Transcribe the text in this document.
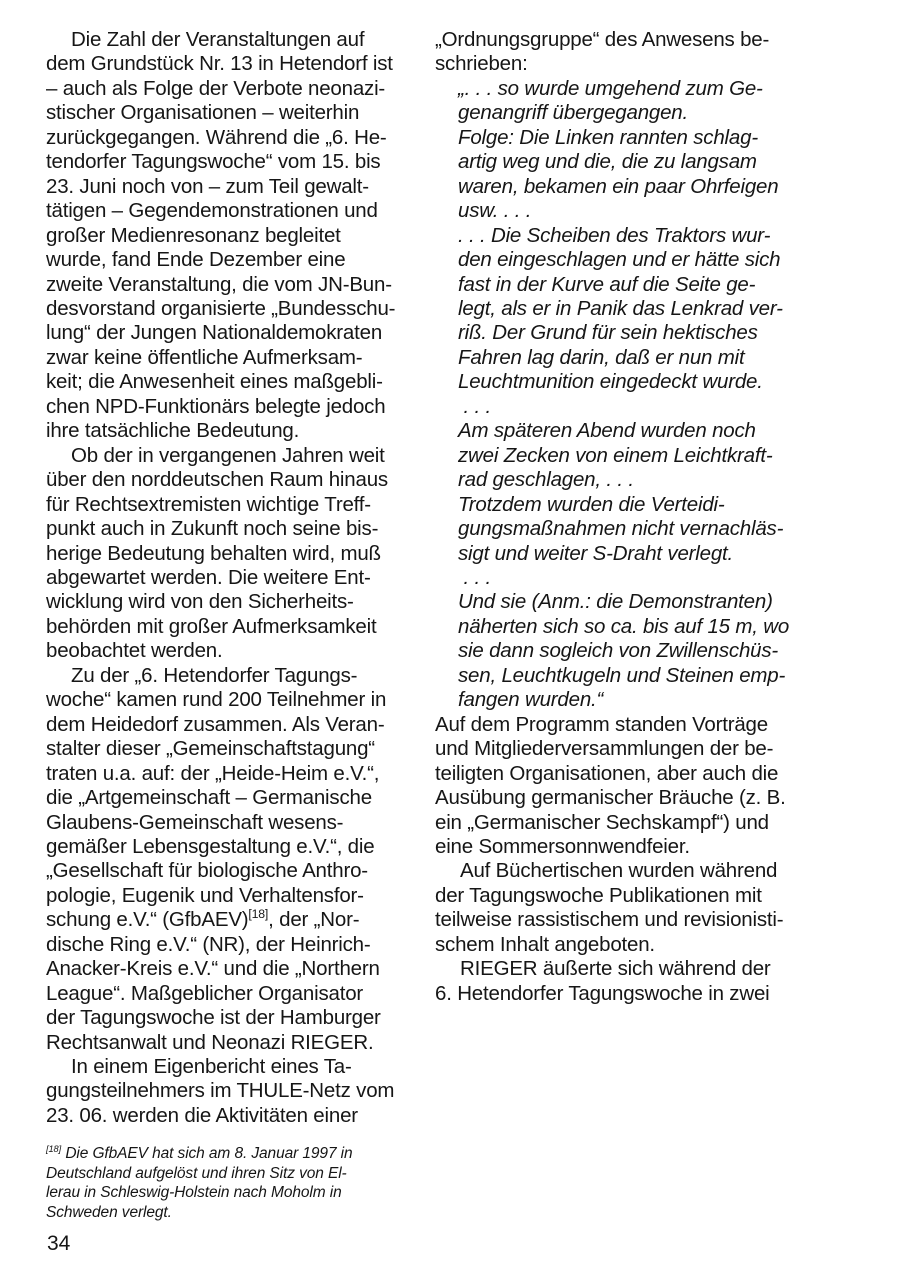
Die Zahl der Veranstaltungen auf
dem Grundstück Nr. 13 in Hetendorf ist
– auch als Folge der Verbote neonazi-
stischer Organisationen – weiterhin
zurückgegangen. Während die „6. He-
tendorfer Tagungswoche“ vom 15. bis
23. Juni noch von – zum Teil gewalt-
tätigen – Gegendemonstrationen und
großer Medienresonanz begleitet
wurde, fand Ende Dezember eine
zweite Veranstaltung, die vom JN-Bun-
desvorstand organisierte „Bundesschu-
lung“ der Jungen Nationaldemokraten
zwar keine öffentliche Aufmerksam-
keit; die Anwesenheit eines maßgebli-
chen NPD-Funktionärs belegte jedoch
ihre tatsächliche Bedeutung.
Ob der in vergangenen Jahren weit
über den norddeutschen Raum hinaus
für Rechtsextremisten wichtige Treff-
punkt auch in Zukunft noch seine bis-
herige Bedeutung behalten wird, muß
abgewartet werden. Die weitere Ent-
wicklung wird von den Sicherheits-
behörden mit großer Aufmerksamkeit
beobachtet werden.
Zu der „6. Hetendorfer Tagungs-
woche“ kamen rund 200 Teilnehmer in
dem Heidedorf zusammen. Als Veran-
stalter dieser „Gemeinschaftstagung“
traten u.a. auf: der „Heide-Heim e.V.“,
die „Artgemeinschaft – Germanische
Glaubens-Gemeinschaft wesens-
gemäßer Lebensgestaltung e.V.“, die
„Gesellschaft für biologische Anthro-
pologie, Eugenik und Verhaltensfor-
schung e.V.“ (GfbAEV)[18], der „Nor-
dische Ring e.V.“ (NR), der Heinrich-
Anacker-Kreis e.V.“ und die „Northern
League“. Maßgeblicher Organisator
der Tagungswoche ist der Hamburger
Rechtsanwalt und Neonazi RIEGER.
In einem Eigenbericht eines Ta-
gungsteilnehmers im THULE-Netz vom
23. 06. werden die Aktivitäten einer
„Ordnungsgruppe“ des Anwesens be-
schrieben:
„. . . so wurde umgehend zum Ge-
genangriff übergegangen.
Folge: Die Linken rannten schlag-
artig weg und die, die zu langsam
waren, bekamen ein paar Ohrfeigen
usw. . . .
. . . Die Scheiben des Traktors wur-
den eingeschlagen und er hätte sich
fast in der Kurve auf die Seite ge-
legt, als er in Panik das Lenkrad ver-
riß. Der Grund für sein hektisches
Fahren lag darin, daß er nun mit
Leuchtmunition eingedeckt wurde.
. . .
Am späteren Abend wurden noch
zwei Zecken von einem Leichtkraft-
rad geschlagen, . . .
Trotzdem wurden die Verteidi-
gungsmaßnahmen nicht vernachläs-
sigt und weiter S-Draht verlegt.
. . .
Und sie (Anm.: die Demonstranten)
näherten sich so ca. bis auf 15 m, wo
sie dann sogleich von Zwillenschüs-
sen, Leuchtkugeln und Steinen emp-
fangen wurden.“
Auf dem Programm standen Vorträge
und Mitgliederversammlungen der be-
teiligten Organisationen, aber auch die
Ausübung germanischer Bräuche (z. B.
ein „Germanischer Sechskampf“) und
eine Sommersonnwendfeier.
Auf Büchertischen wurden während
der Tagungswoche Publikationen mit
teilweise rassistischem und revisionisti-
schem Inhalt angeboten.
RIEGER äußerte sich während der
6. Hetendorfer Tagungswoche in zwei
[18] Die GfbAEV hat sich am 8. Januar 1997 in
Deutschland aufgelöst und ihren Sitz von El-
lerau in Schleswig-Holstein nach Moholm in
Schweden verlegt.
34
